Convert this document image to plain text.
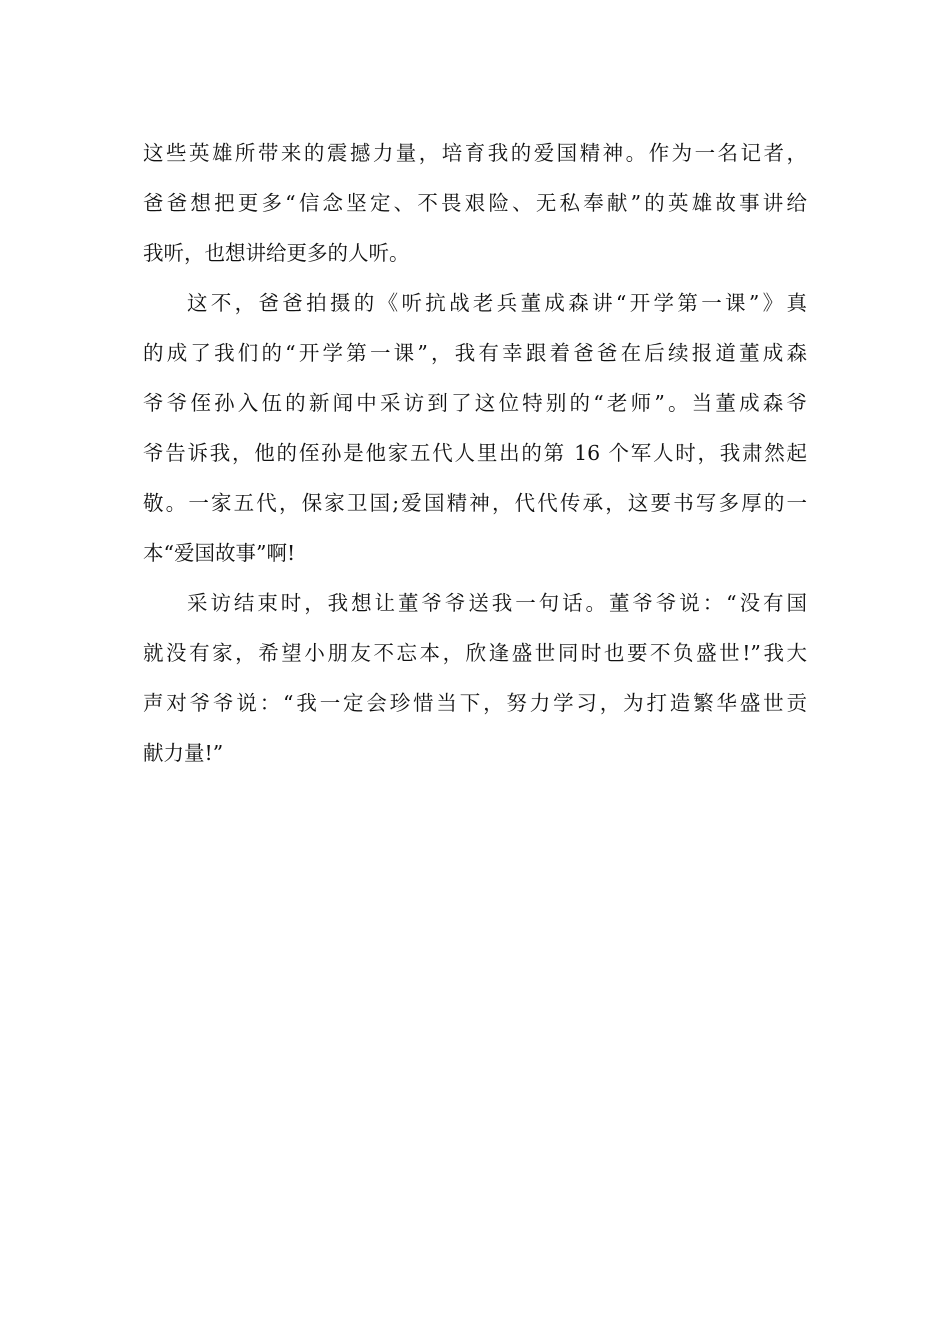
这些英雄所带来的震撼力量，培育我的爱国精神。作为一名记者，
爸爸想把更多“信念坚定、不畏艰险、无私奉献”的英雄故事讲给
我听，也想讲给更多的人听。
这不，爸爸拍摄的《听抗战老兵董成森讲“开学第一课”》真
的成了我们的“开学第一课”，我有幸跟着爸爸在后续报道董成森
爷爷侄孙入伍的新闻中采访到了这位特别的“老师”。当董成森爷
爷告诉我，他的侄孙是他家五代人里出的第 16 个军人时，我肃然起
敬。一家五代，保家卫国;爱国精神，代代传承，这要书写多厚的一
本“爱国故事”啊!
采访结束时，我想让董爷爷送我一句话。董爷爷说：“没有国
就没有家，希望小朋友不忘本，欣逢盛世同时也要不负盛世!”我大
声对爷爷说：“我一定会珍惜当下，努力学习，为打造繁华盛世贡
献力量!”
